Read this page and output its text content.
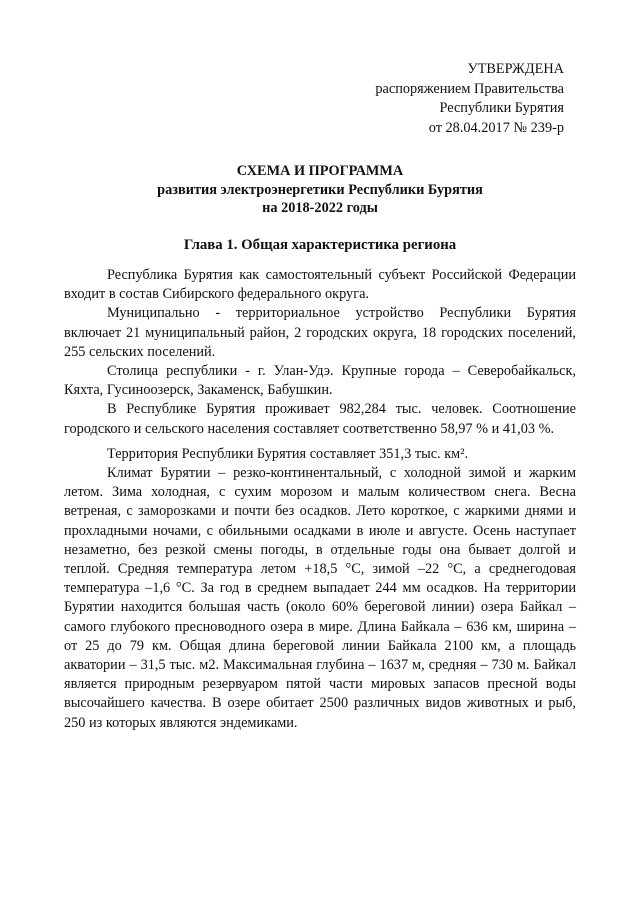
УТВЕРЖДЕНА
распоряжением Правительства
Республики Бурятия
от 28.04.2017 № 239-р
СХЕМА И ПРОГРАММА
развития электроэнергетики Республики Бурятия
на 2018-2022 годы
Глава 1. Общая характеристика региона

Республика Бурятия как самостоятельный субъект Российской Федерации входит в состав Сибирского федерального округа.

Муниципально - территориальное устройство Республики Бурятия включает 21 муниципальный район, 2 городских округа, 18 городских поселений, 255 сельских поселений.

Столица республики - г. Улан-Удэ. Крупные города – Северобайкальск, Кяхта, Гусиноозерск, Закаменск, Бабушкин.

В Республике Бурятия проживает 982,284 тыс. человек. Соотношение городского и сельского населения составляет соответственно 58,97 % и 41,03 %.

Территория Республики Бурятия составляет 351,3 тыс. км².

Климат Бурятии – резко-континентальный, с холодной зимой и жарким летом. Зима холодная, с сухим морозом и малым количеством снега. Весна ветреная, с заморозками и почти без осадков. Лето короткое, с жаркими днями и прохладными ночами, с обильными осадками в июле и августе. Осень наступает незаметно, без резкой смены погоды, в отдельные годы она бывает долгой и теплой. Средняя температура летом +18,5 °С, зимой –22 °С, а среднегодовая температура –1,6 °С. За год в среднем выпадает 244 мм осадков. На территории Бурятии находится большая часть (около 60% береговой линии) озера Байкал – самого глубокого пресноводного озера в мире. Длина Байкала – 636 км, ширина – от 25 до 79 км. Общая длина береговой линии Байкала 2100 км, а площадь акватории – 31,5 тыс. м2. Максимальная глубина – 1637 м, средняя – 730 м. Байкал является природным резервуаром пятой части мировых запасов пресной воды высочайшего качества. В озере обитает 2500 различных видов животных и рыб, 250 из которых являются эндемиками.
